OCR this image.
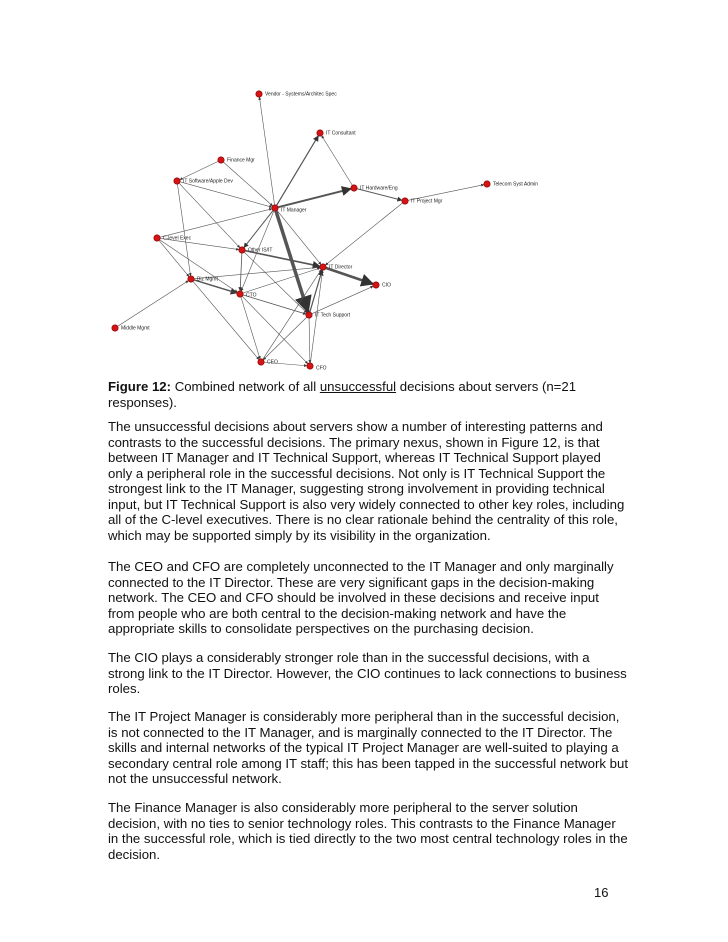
Vendor - Systems/Architec Spec
IT Consultant
Finance Mgr
IT Software/Apple Dev
IT Hardware/Eng
Telecom Syst Admin
IT Project Mgr
IT Manager
C-level Exec
Other IS/IT
IT Director
Biz Mgmt
CIO
CTO
IT Tech Support
Middle Mgmt
CEO
CFO
Figure 12: Combined network of all unsuccessful decisions about servers (n=21 responses).

The unsuccessful decisions about servers show a number of interesting patterns and contrasts to the successful decisions. The primary nexus, shown in Figure 12, is that between IT Manager and IT Technical Support, whereas IT Technical Support played only a peripheral role in the successful decisions. Not only is IT Technical Support the strongest link to the IT Manager, suggesting strong involvement in providing technical input, but IT Technical Support is also very widely connected to other key roles, including all of the C-level executives. There is no clear rationale behind the centrality of this role, which may be supported simply by its visibility in the organization.

The CEO and CFO are completely unconnected to the IT Manager and only marginally connected to the IT Director. These are very significant gaps in the decision-making network. The CEO and CFO should be involved in these decisions and receive input from people who are both central to the decision-making network and have the appropriate skills to consolidate perspectives on the purchasing decision.

The CIO plays a considerably stronger role than in the successful decisions, with a strong link to the IT Director. However, the CIO continues to lack connections to business roles.

The IT Project Manager is considerably more peripheral than in the successful decision, is not connected to the IT Manager, and is marginally connected to the IT Director. The skills and internal networks of the typical IT Project Manager are well-suited to playing a secondary central role among IT staff; this has been tapped in the successful network but not the unsuccessful network.

The Finance Manager is also considerably more peripheral to the server solution decision, with no ties to senior technology roles. This contrasts to the Finance Manager in the successful role, which is tied directly to the two most central technology roles in the decision.

16
